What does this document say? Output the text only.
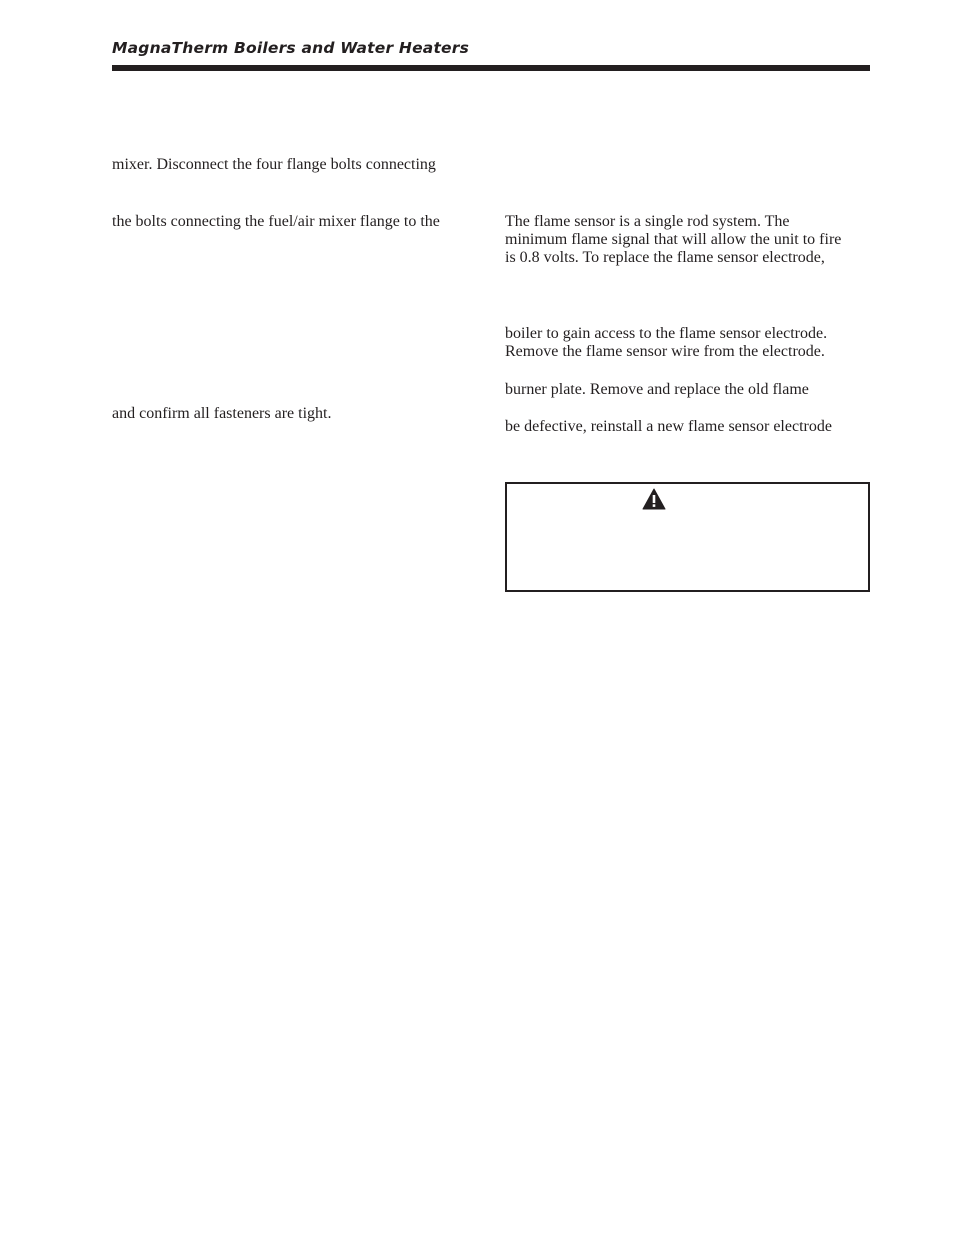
MagnaTherm Boilers and Water Heaters
mixer. Disconnect the four flange bolts connecting
the bolts connecting the fuel/air mixer flange to the
and confirm all fasteners are tight.
The flame sensor is a single rod system. The
minimum flame signal that will allow the unit to fire
is 0.8 volts. To replace the flame sensor electrode,
boiler to gain access to the flame sensor electrode.
Remove the flame sensor wire from the electrode.
burner plate. Remove and replace the old flame
be defective, reinstall a new flame sensor electrode
